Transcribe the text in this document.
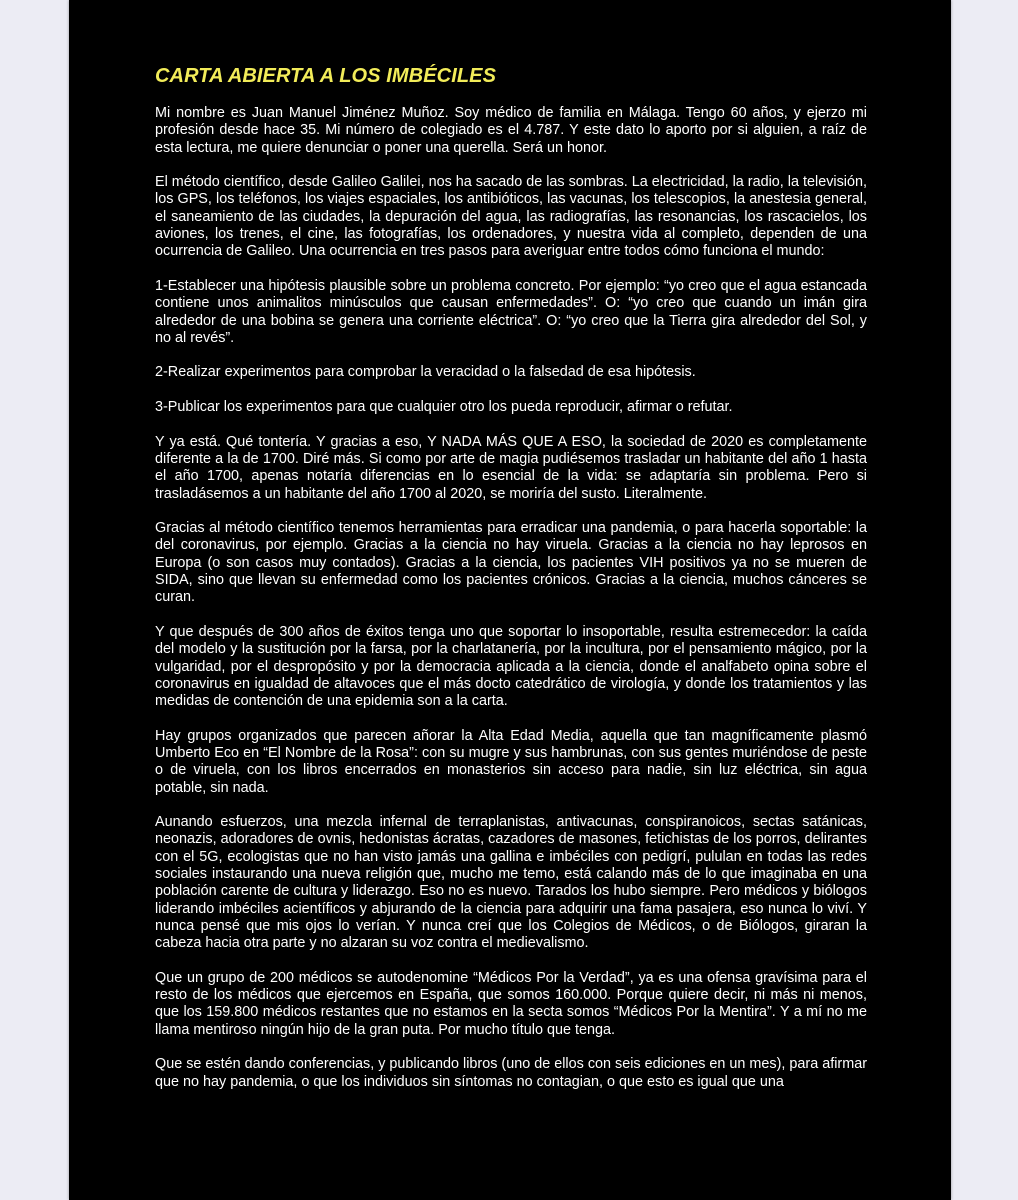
CARTA ABIERTA A LOS IMBÉCILES

Mi nombre es Juan Manuel Jiménez Muñoz. Soy médico de familia en Málaga. Tengo 60 años, y ejerzo mi profesión desde hace 35. Mi número de colegiado es el 4.787. Y este dato lo aporto por si alguien, a raíz de esta lectura, me quiere denunciar o poner una querella. Será un honor.

El método científico, desde Galileo Galilei, nos ha sacado de las sombras. La electricidad, la radio, la televisión, los GPS, los teléfonos, los viajes espaciales, los antibióticos, las vacunas, los telescopios, la anestesia general, el saneamiento de las ciudades, la depuración del agua, las radiografías, las resonancias, los rascacielos, los aviones, los trenes, el cine, las fotografías, los ordenadores, y nuestra vida al completo, dependen de una ocurrencia de Galileo. Una ocurrencia en tres pasos para averiguar entre todos cómo funciona el mundo:

1-Establecer una hipótesis plausible sobre un problema concreto. Por ejemplo: “yo creo que el agua estancada contiene unos animalitos minúsculos que causan enfermedades”. O: “yo creo que cuando un imán gira alrededor de una bobina se genera una corriente eléctrica”. O: “yo creo que la Tierra gira alrededor del Sol, y no al revés”.

2-Realizar experimentos para comprobar la veracidad o la falsedad de esa hipótesis.

3-Publicar los experimentos para que cualquier otro los pueda reproducir, afirmar o refutar.

Y ya está. Qué tontería. Y gracias a eso, Y NADA MÁS QUE A ESO, la sociedad de 2020 es completamente diferente a la de 1700. Diré más. Si como por arte de magia pudiésemos trasladar un habitante del año 1 hasta el año 1700, apenas notaría diferencias en lo esencial de la vida: se adaptaría sin problema. Pero si trasladásemos a un habitante del año 1700 al 2020, se moriría del susto. Literalmente.

Gracias al método científico tenemos herramientas para erradicar una pandemia, o para hacerla soportable: la del coronavirus, por ejemplo. Gracias a la ciencia no hay viruela. Gracias a la ciencia no hay leprosos en Europa (o son casos muy contados). Gracias a la ciencia, los pacientes VIH positivos ya no se mueren de SIDA, sino que llevan su enfermedad como los pacientes crónicos. Gracias a la ciencia, muchos cánceres se curan.

Y que después de 300 años de éxitos tenga uno que soportar lo insoportable, resulta estremecedor: la caída del modelo y la sustitución por la farsa, por la charlatanería, por la incultura, por el pensamiento mágico, por la vulgaridad, por el despropósito y por la democracia aplicada a la ciencia, donde el analfabeto opina sobre el coronavirus en igualdad de altavoces que el más docto catedrático de virología, y donde los tratamientos y las medidas de contención de una epidemia son a la carta.

Hay grupos organizados que parecen añorar la Alta Edad Media, aquella que tan magníficamente plasmó Umberto Eco en “El Nombre de la Rosa”: con su mugre y sus hambrunas, con sus gentes muriéndose de peste o de viruela, con los libros encerrados en monasterios sin acceso para nadie, sin luz eléctrica, sin agua potable, sin nada.

Aunando esfuerzos, una mezcla infernal de terraplanistas, antivacunas, conspiranoicos, sectas satánicas, neonazis, adoradores de ovnis, hedonistas ácratas, cazadores de masones, fetichistas de los porros, delirantes con el 5G, ecologistas que no han visto jamás una gallina e imbéciles con pedigrí, pululan en todas las redes sociales instaurando una nueva religión que, mucho me temo, está calando más de lo que imaginaba en una población carente de cultura y liderazgo. Eso no es nuevo. Tarados los hubo siempre. Pero médicos y biólogos liderando imbéciles acientíficos y abjurando de la ciencia para adquirir una fama pasajera, eso nunca lo viví. Y nunca pensé que mis ojos lo verían. Y nunca creí que los Colegios de Médicos, o de Biólogos, giraran la cabeza hacia otra parte y no alzaran su voz contra el medievalismo.

Que un grupo de 200 médicos se autodenomine “Médicos Por la Verdad”, ya es una ofensa gravísima para el resto de los médicos que ejercemos en España, que somos 160.000. Porque quiere decir, ni más ni menos, que los 159.800 médicos restantes que no estamos en la secta somos “Médicos Por la Mentira”. Y a mí no me llama mentiroso ningún hijo de la gran puta. Por mucho título que tenga.

Que se estén dando conferencias, y publicando libros (uno de ellos con seis ediciones en un mes), para afirmar que no hay pandemia, o que los individuos sin síntomas no contagian, o que esto es igual que una
